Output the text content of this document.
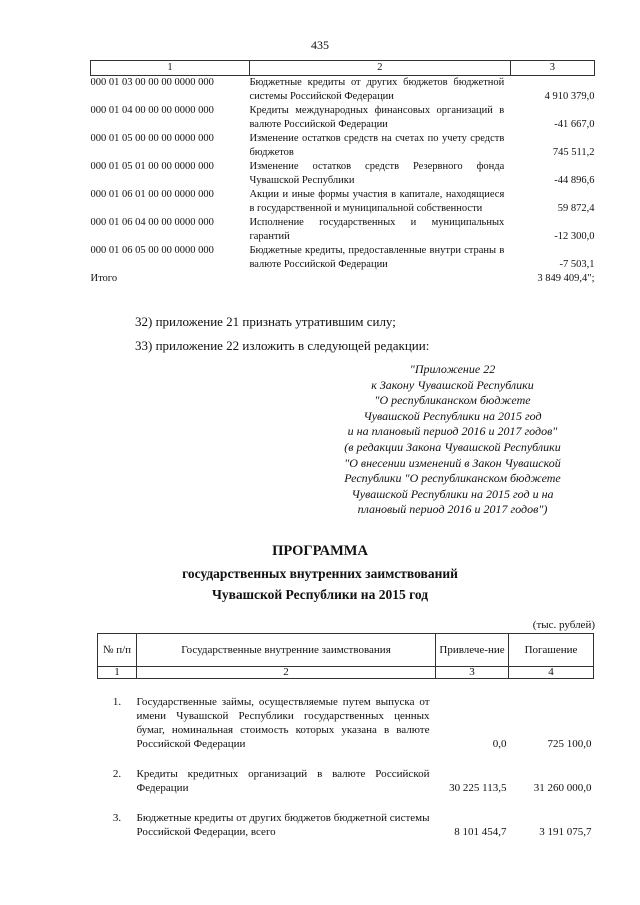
435
1	2	3
000 01 03 00 00 00 0000 000	Бюджетные кредиты от других бюджетов бюджетной системы Российской Федерации	4 910 379,0
000 01 04 00 00 00 0000 000	Кредиты международных финансовых организаций в валюте Российской Федерации	-41 667,0
000 01 05 00 00 00 0000 000	Изменение остатков средств на счетах по учету средств бюджетов	745 511,2
000 01 05 01 00 00 0000 000	Изменение остатков средств Резервного фонда Чувашской Республики	-44 896,6
000 01 06 01 00 00 0000 000	Акции и иные формы участия в капитале, находящиеся в государственной и муниципальной собственности	59 872,4
000 01 06 04 00 00 0000 000	Исполнение государственных и муниципальных гарантий	-12 300,0
000 01 06 05 00 00 0000 000	Бюджетные кредиты, предоставленные внутри страны в валюте Российской Федерации	-7 503,1
Итого		3 849 409,4";
32) приложение 21 признать утратившим силу;
33) приложение 22 изложить в следующей редакции:
"Приложение 22
к Закону Чувашской Республики
"О республиканском бюджете
Чувашской Республики на 2015 год
и на плановый период 2016 и 2017 годов"
(в редакции Закона Чувашской Республики
"О внесении изменений в Закон Чувашской
Республики "О республиканском бюджете
Чувашской Республики на 2015 год и на
плановый период 2016 и 2017 годов")
ПРОГРАММА
государственных внутренних заимствований
Чувашской Республики на 2015 год
(тыс. рублей)
№ п/п	Государственные внутренние заимствования	Привлече-ние	Погашение
1	2	3	4

1.	Государственные займы, осуществляемые путем выпуска от имени Чувашской Республики государственных ценных бумаг, номинальная стоимость которых указана в валюте Российской Федерации	0,0	725 100,0

2.	Кредиты кредитных организаций в валюте Российской Федерации	30 225 113,5	31 260 000,0

3.	Бюджетные кредиты от других бюджетов бюджетной системы Российской Федерации, всего	8 101 454,7	3 191 075,7
